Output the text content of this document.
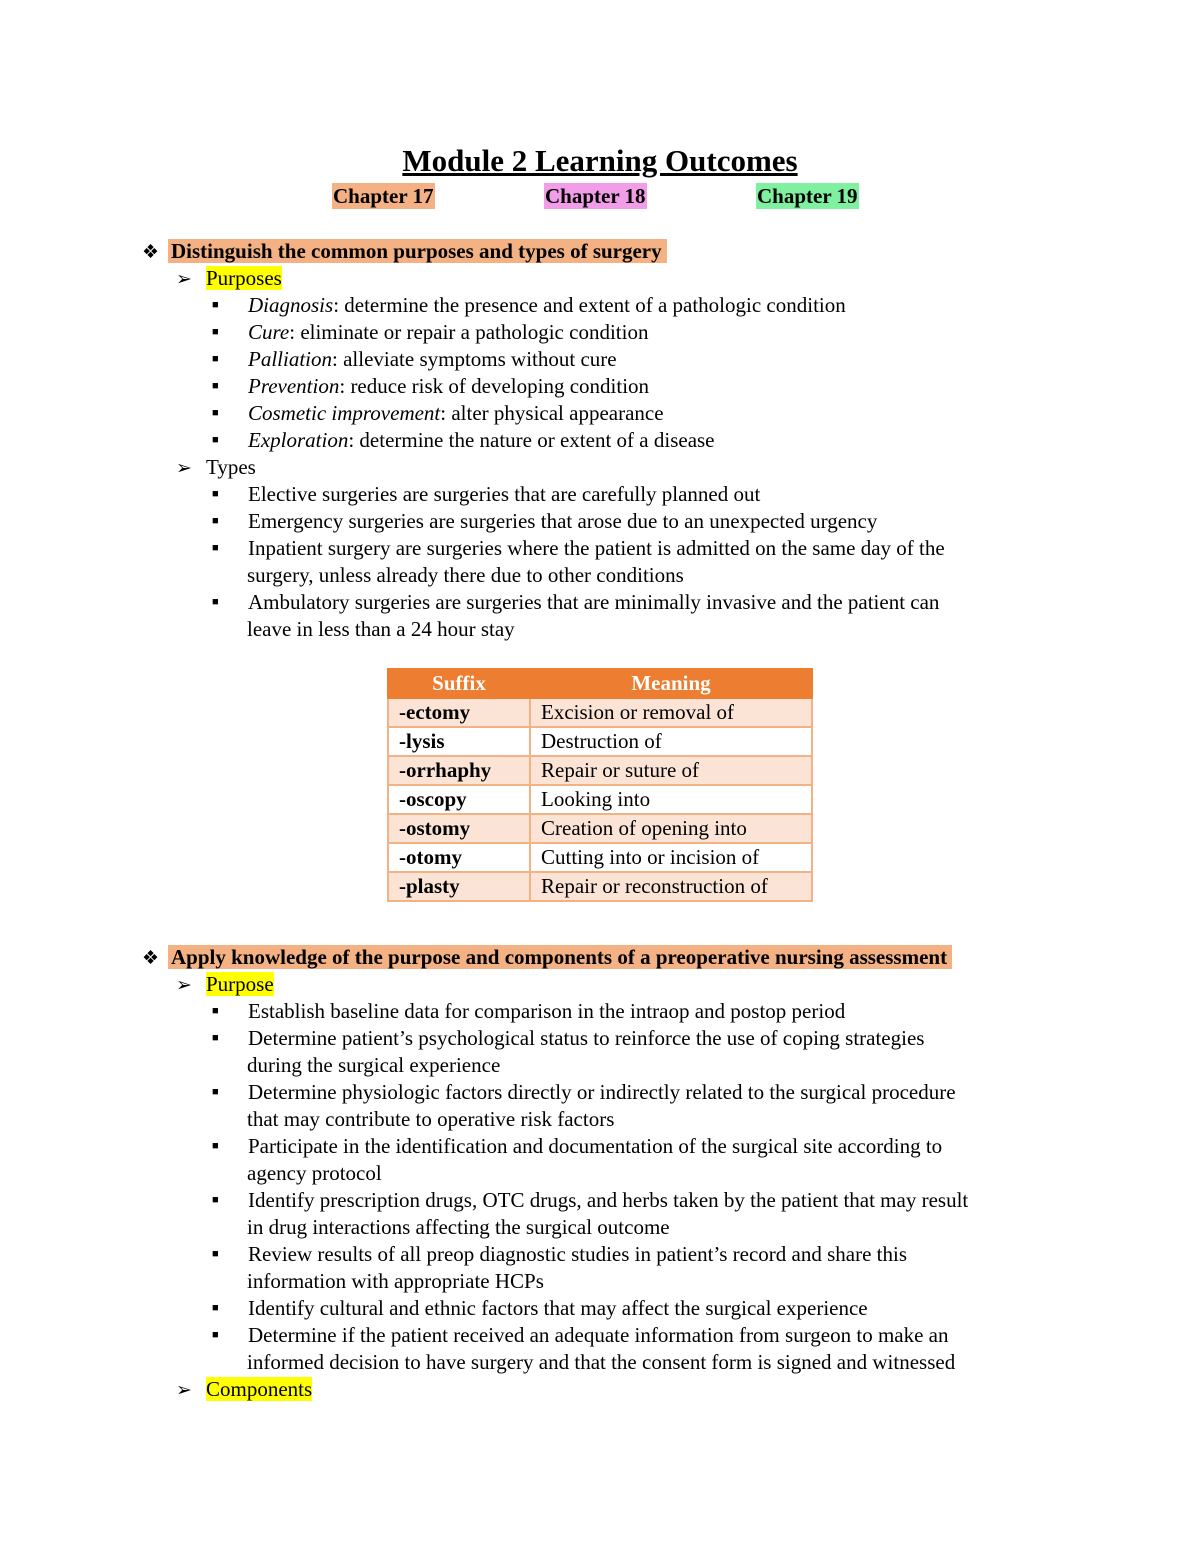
Module 2 Learning Outcomes
Chapter 17	Chapter 18	Chapter 19
❖ Distinguish the common purposes and types of surgery
➢ Purposes
■ Diagnosis: determine the presence and extent of a pathologic condition
■ Cure: eliminate or repair a pathologic condition
■ Palliation: alleviate symptoms without cure
■ Prevention: reduce risk of developing condition
■ Cosmetic improvement: alter physical appearance
■ Exploration: determine the nature or extent of a disease
➢ Types
■ Elective surgeries are surgeries that are carefully planned out
■ Emergency surgeries are surgeries that arose due to an unexpected urgency
■ Inpatient surgery are surgeries where the patient is admitted on the same day of the
surgery, unless already there due to other conditions
■ Ambulatory surgeries are surgeries that are minimally invasive and the patient can
leave in less than a 24 hour stay
Suffix	Meaning
-ectomy	Excision or removal of
-lysis	Destruction of
-orrhaphy	Repair or suture of
-oscopy	Looking into
-ostomy	Creation of opening into
-otomy	Cutting into or incision of
-plasty	Repair or reconstruction of
❖ Apply knowledge of the purpose and components of a preoperative nursing assessment
➢ Purpose
■ Establish baseline data for comparison in the intraop and postop period
■ Determine patient’s psychological status to reinforce the use of coping strategies
during the surgical experience
■ Determine physiologic factors directly or indirectly related to the surgical procedure
that may contribute to operative risk factors
■ Participate in the identification and documentation of the surgical site according to
agency protocol
■ Identify prescription drugs, OTC drugs, and herbs taken by the patient that may result
in drug interactions affecting the surgical outcome
■ Review results of all preop diagnostic studies in patient’s record and share this
information with appropriate HCPs
■ Identify cultural and ethnic factors that may affect the surgical experience
■ Determine if the patient received an adequate information from surgeon to make an
informed decision to have surgery and that the consent form is signed and witnessed
➢ Components
